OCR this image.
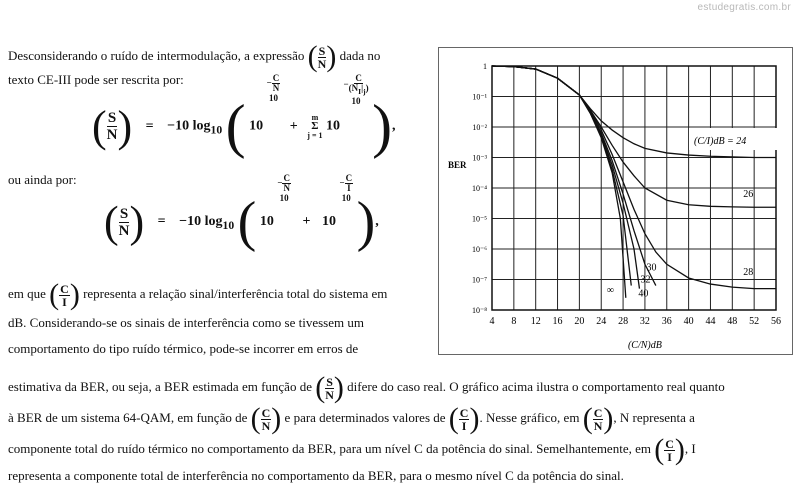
estudegratis.com.br
Desconsiderando o ruído de intermodulação, a expressão ( $\frac{S}{N}$ ) dada no
texto CE-III pode ser rescrita por:
( $\frac{S}{N}$ ) = −10 $\log_{10}$ ( $10 - \frac{C}{N}$

10 +
m
Σ
j = 1
$10 - \frac{C}{(N_I|_j)}$

10 ),
ou ainda por:
( $\frac{S}{N}$ ) = −10 $\log_{10}$ ( $10 - \frac{C}{N}$

$10 + 10 - \frac{C}{I}$

10 ),
em que ( $\frac{C}{I}$ ) representa a relação sinal/interferência total do sistema em
dB. Considerando-se os sinais de interferência como se tivessem um
comportamento do tipo ruído térmico, pode-se incorrer em erros de
estimativa da BER, ou seja, a BER estimada em função de ( $\frac{S}{N}$ ) difere do caso real. O gráfico acima ilustra o comportamento real quanto
à BER de um sistema 64-QAM, em função de ( $\frac{C}{N}$ ) e para determinados valores de ( $\frac{C}{I}$ ). Nesse gráfico, em ( $\frac{C}{N}$ ), N representa a
componente total do ruído térmico no comportamento da BER, para um nível C da potência do sinal. Semelhantemente, em ( $\frac{C}{I}$ ), I
representa a componente total de interferência no comportamento da BER, para o mesmo nível C da potência do sinal.
4 8 12 16 20 24 28 32 36 40 44 48 52 56
1
10⁻¹
10⁻²
10⁻³
10⁻⁴
10⁻⁵
10⁻⁶
10⁻⁷
10⁻⁸
BER
(C/N)dB
(C/I)dB = 24
26
28
30
32
40
∞
